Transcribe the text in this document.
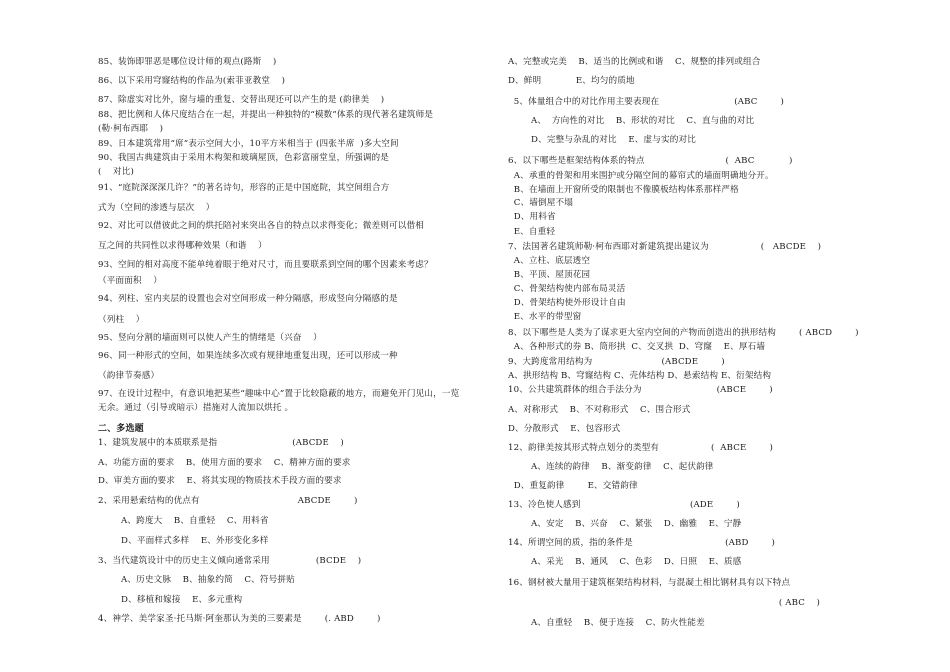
85、装饰即罪恶是哪位设计师的观点(路斯    )
86、以下采用穹窿结构的作品为(索菲亚教堂    )
87、除虚实对比外，窗与墙的重复、交替出现还可以产生的是 (韵律美    )
88、把比例和人体尺度结合在一起，并提出一种独特的“模数”体系的现代著名建筑师是
(勒·柯布西耶    )
89、日本建筑常用“席”表示空间大小，10平方米相当于 (四张半席  )多大空间
90、我国古典建筑由于采用木构架和玻璃屋顶，色彩富丽堂皇，所强调的是
(    对比)
91、“庭院深深深几许？”的著名诗句，形容的正是中国庭院，其空间组合方
式为（空间的渗透与层次    ）
92、对比可以借彼此之间的烘托陪衬来突出各自的特点以求得变化；微差则可以借相
互之间的共同性以求得哪种效果（和谐    ）
93、空间的相对高度不能单纯着眼于绝对尺寸，而且要联系到空间的哪个因素来考虑？
（平面面积    ）
94、列柱、室内夹层的设置也会对空间形成一种分隔感，形成竖向分隔感的是
（列柱    ）
95、竖向分割的墙面则可以使人产生的情绪是（兴奋    ）
96、同一种形式的空间，如果连续多次或有规律地重复出现，还可以形成一种
（韵律节奏感）
97、在设计过程中，有意识地把某些“趣味中心”置于比较隐蔽的地方，而避免开门见山，一览
无余。通过（引导或暗示）措施对人流加以烘托 。
二、多选题
1、建筑发展中的本质联系是指                          (ABCDE    )
A、功能方面的要求    B、使用方面的要求    C、精神方面的要求
D、审美方面的要求    E、将其实现的物质技术手段方面的要求
2、采用悬索结构的优点有                                  ABCDE        )
A、跨度大    B、自重轻    C、用料省
D、平面样式多样    E、外形变化多样
3、当代建筑设计中的历史主义倾向通常采用                (BCDE    )
A、历史文脉    B、抽象约简    C、符号拼贴
D、移植和嫁接    E、多元重构
4、神学、美学家圣·托马斯·阿奎那认为美的三要素是        (. ABD        )
A、完整或完美    B、适当的比例或和谐    C、规整的排列或组合
D、鲜明            E、均匀的质地
5、体量组合中的对比作用主要表现在                          (ABC        )
A、  方向性的对比    B、形状的对比    C、直与曲的对比
D、完整与杂乱的对比    E、虚与实的对比
6、以下哪些是框架结构体系的特点                            (  ABC            )
A、承重的骨架和用来围护或分隔空间的幕帘式的墙面明确地分开。
B、在墙面上开窗所受的限制也不像膜板结构体系那样严格
C、墙倒屋不塌
D、用料省
E、自重轻
7、法国著名建筑师勒·柯布西耶对新建筑提出建议为                  (   ABCDE    )
A、立柱、底层透空
B、平顶、屋顶花园
C、骨架结构使内部布局灵活
D、骨架结构使外形设计自由
E、水平的带型窗
8、以下哪些是人类为了谋求更大室内空间的产物而创造出的拱形结构        ( ABCD        )
A、各种形式的券 B、筒形拱  C、交叉拱  D、穹窿    E、厚石墙
9、大跨度常用结构为                        (ABCDE        )
A、拱形结构 B、穹窿结构 C、壳体结构 D、悬索结构 E、衍架结构
10、公共建筑群体的组合手法分为                          (ABCE        )
A、对称形式    B、不对称形式    C、围合形式
D、分散形式    E、包容形式
12、韵律美按其形式特点划分的类型有                  (  ABCE        )
A、连续的韵律    B、渐变韵律    C、起伏韵律
D、重复韵律        E、交错韵律
13、冷色使人感到                                      (ADE        )
A、安定    B、兴奋    C、紧张    D、幽雅    E、宁静
14、所谓空间的质，指的条件是                                (ABD        )
A、采光    B、通风    C、色彩    D、日照    E、质感
16、钢材被大量用于建筑框架结构材料，与混凝土相比钢材具有以下特点
( ABC    )
A、自重轻    B、便于连接    C、防火性能差
